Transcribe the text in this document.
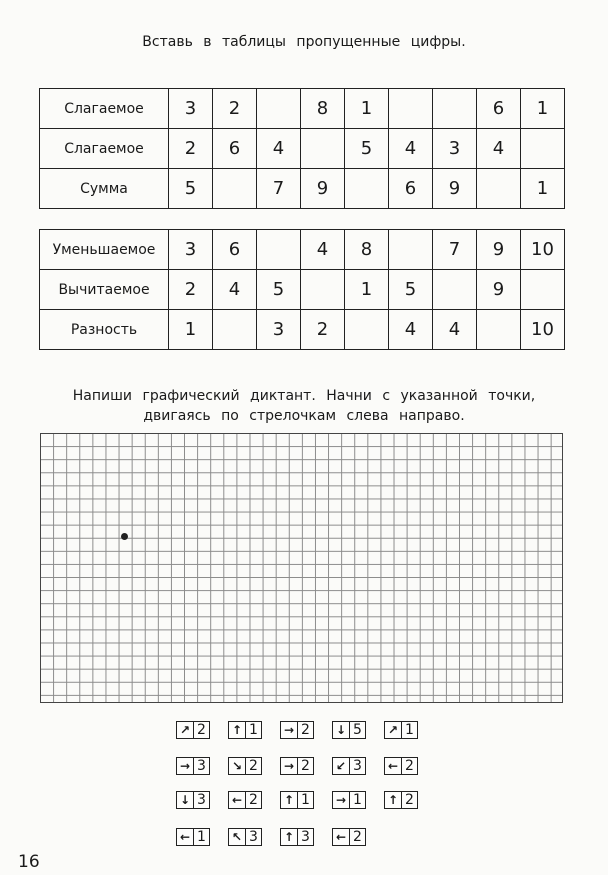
Вставь в таблицы пропущенные цифры.
Слагаемое	3	2		8	1			6	1
Слагаемое	2	6	4		5	4	3	4	
Сумма	5		7	9		6	9		1
Уменьшаемое	3	6		4	8		7	9	10
Вычитаемое	2	4	5		1	5		9	
Разность	1		3	2		4	4		10
Напиши графический диктант. Начни с указанной точки,
двигаясь по стрелочкам слева направо.
↗ 2 ↑ 1 → 2 ↓ 5 ↗ 1
→ 3 ↘ 2 → 2 ↙ 3 ← 2
↓ 3 ← 2 ↑ 1 → 1 ↑ 2
← 1 ↖ 3 ↑ 3 ← 2
16
